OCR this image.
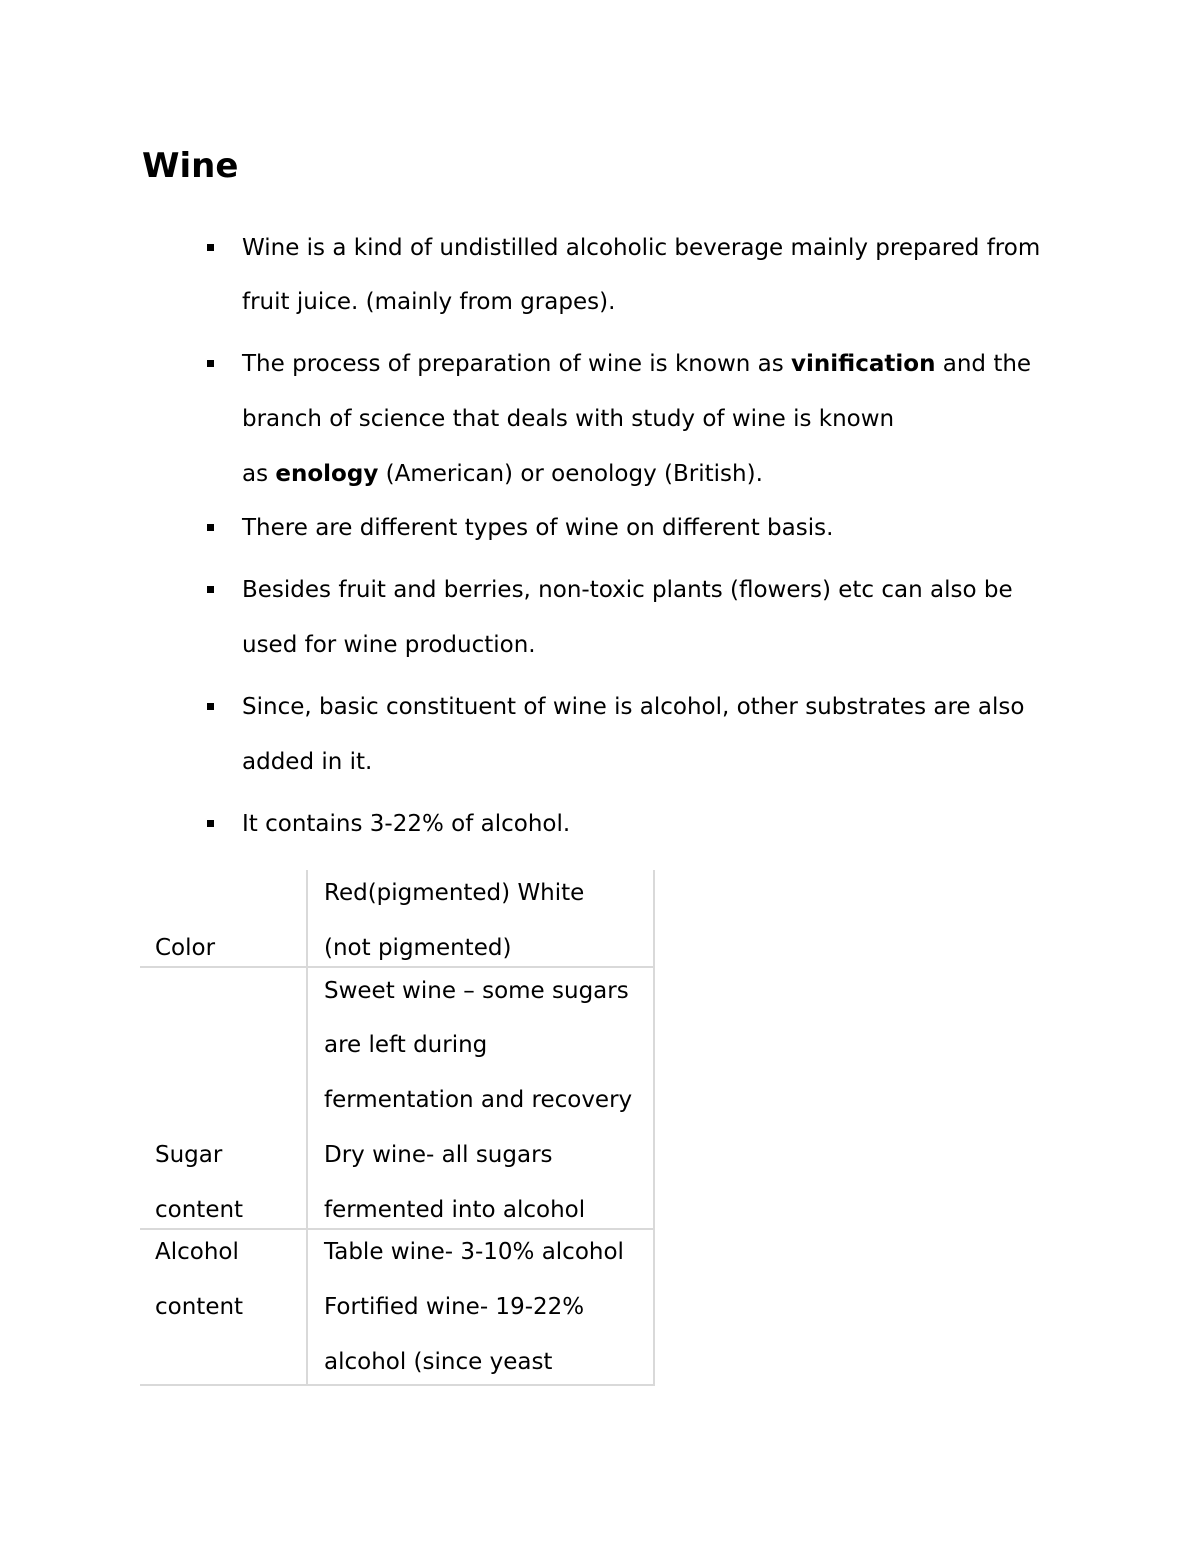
Wine
Wine is a kind of undistilled alcoholic beverage mainly prepared from
fruit juice. (mainly from grapes).
The process of preparation of wine is known as vinification and the
branch of science that deals with study of wine is known
as enology (American) or oenology (British).
There are different types of wine on different basis.
Besides fruit and berries, non-toxic plants (flowers) etc can also be
used for wine production.
Since, basic constituent of wine is alcohol, other substrates are also
added in it.
It contains 3-22% of alcohol.
Color
Red(pigmented) White
(not pigmented)
Sugar
content
Sweet wine – some sugars
are left during
fermentation and recovery
Dry wine- all sugars
fermented into alcohol
Alcohol
content
Table wine- 3-10% alcohol
Fortified wine- 19-22%
alcohol (since yeast
